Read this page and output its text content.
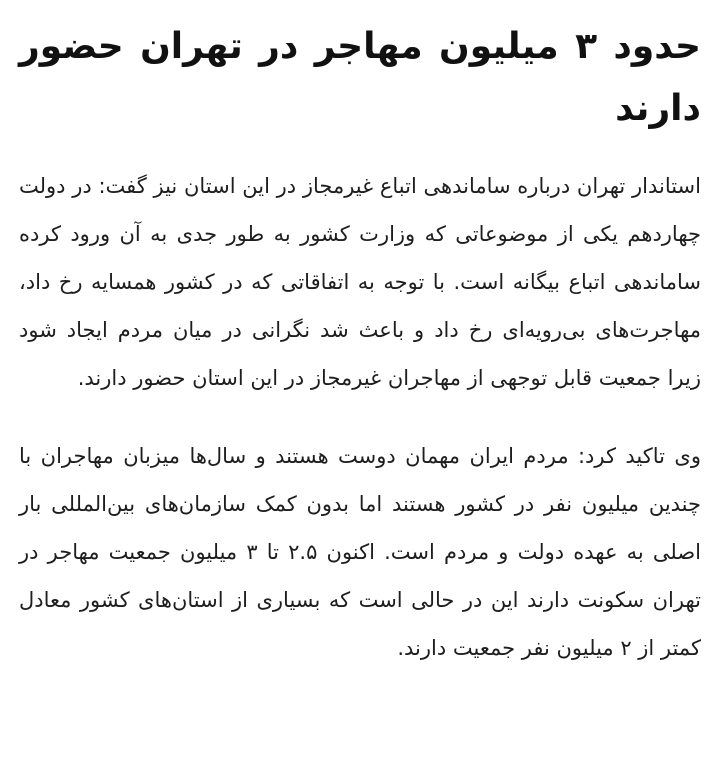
حدود ۳ میلیون مهاجر در تهران حضور دارند

استاندار تهران درباره ساماندهی اتباع غیرمجاز در این استان نیز گفت: در دولت چهاردهم یکی از موضوعاتی که وزارت کشور به طور جدی به آن ورود کرده ساماندهی اتباع بیگانه است. با توجه به اتفاقاتی که در کشور همسایه رخ داد، مهاجرت‌های بی‌رویه‌ای رخ داد و باعث شد نگرانی در میان مردم ایجاد شود زیرا جمعیت قابل توجهی از مهاجران غیرمجاز در این استان حضور دارند.

وی تاکید کرد: مردم ایران مهمان دوست هستند و سال‌ها میزبان مهاجران با چندین میلیون نفر در کشور هستند اما بدون کمک سازمان‌های بین‌المللی بار اصلی به عهده دولت و مردم است. اکنون ۲.۵ تا ۳ میلیون جمعیت مهاجر در تهران سکونت دارند این در حالی است که بسیاری از استان‌های کشور معادل کمتر از ۲ میلیون نفر جمعیت دارند.
